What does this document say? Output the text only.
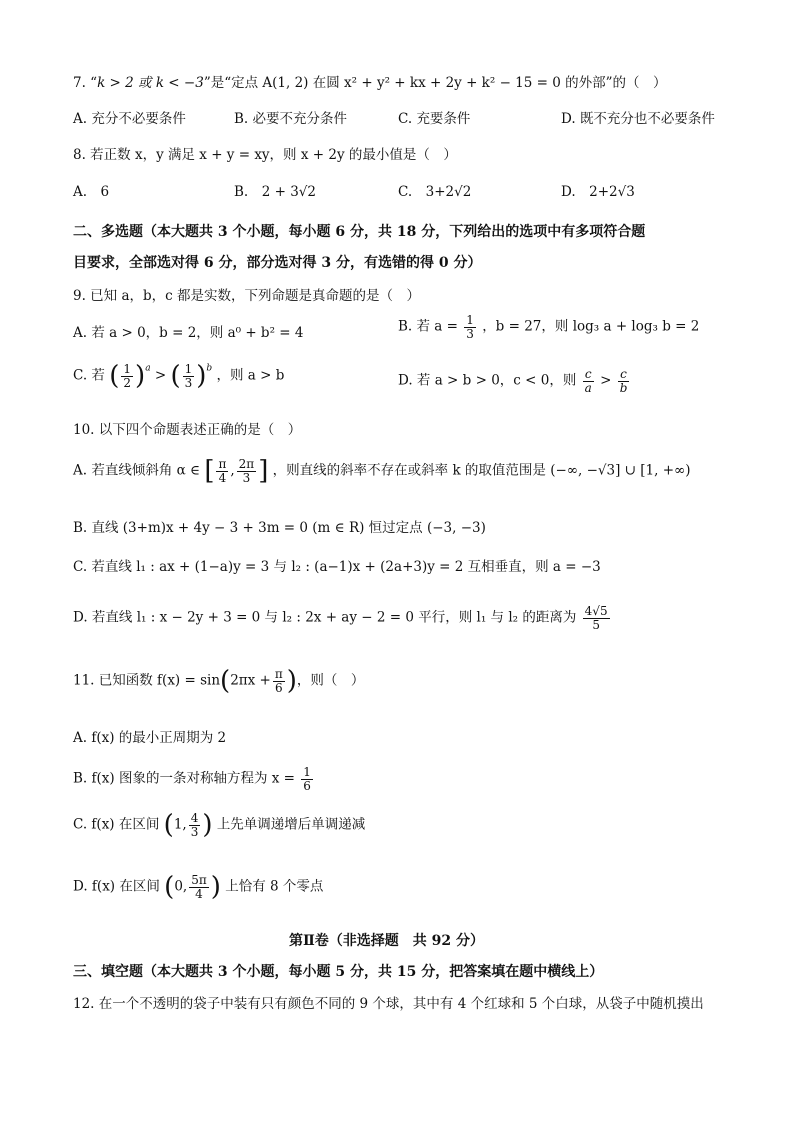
7. “k > 2 或 k < −3”是“定点 A(1, 2) 在圆 x² + y² + kx + 2y + k² − 15 = 0 的外部”的（　）
A. 充分不必要条件	B. 必要不充分条件	C. 充要条件	D. 既不充分也不必要条件
8. 若正数 x，y 满足 x + y = xy，则 x + 2y 的最小值是（　）
A.　 6	B.　 2 + 3√2	C.　 3+2√2	D.　 2+2√3
二、多选题（本大题共 3 个小题，每小题 6 分，共 18 分，下列给出的选项中有多项符合题
目要求，全部选对得 6 分，部分选对得 3 分，有选错的得 0 分）
9. 已知 a，b，c 都是实数，下列命题是真命题的是（　）
A. 若 a > 0，b = 2，则 a⁰ + b² = 4	B. 若 $a = \frac{1}{3}$ ，b = 27，则 log₃ a + log₃ b = 2
C. 若 ( $\frac{1}{2} )^a$ > ( $\frac{1}{3} )^b$ ，则 a > b	D. 若 a > b > 0，c < 0，则 $\frac{c}{a} > \frac{c}{b}$
10. 以下四个命题表述正确的是（　）
A. 若直线倾斜角 α ∈ [ $\frac{\pi}{4}$ , $\frac{2\pi}{3}$ ] ，则直线的斜率不存在或斜率 k 的取值范围是 (−∞, −√3] ∪ [1, +∞)
B. 直线 (3+m)x + 4y − 3 + 3m = 0 (m ∈ R) 恒过定点 (−3, −3)
C. 若直线 l₁ : ax + (1−a)y = 3 与 l₂ : (a−1)x + (2a+3)y = 2 互相垂直，则 a = −3
D. 若直线 l₁ : x − 2y + 3 = 0 与 l₂ : 2x + ay − 2 = 0 平行，则 l₁ 与 l₂ 的距离为 $\frac{4√5}{5}$
11. 已知函数 $f(x) = \sin(2\pi x + \frac{\pi}{6}$ )，则（　）
A. f(x) 的最小正周期为 2
B. f(x) 图象的一条对称轴方程为 $x = \frac{1}{6}$
C. f(x) 在区间 (1, $\frac{4}{3}$ ) 上先单调递增后单调递减
D. f(x) 在区间 (0, $\frac{5\pi}{4}$ ) 上恰有 8 个零点
第Ⅱ卷（非选择题　共 92 分）
三、填空题（本大题共 3 个小题，每小题 5 分，共 15 分，把答案填在题中横线上）
12. 在一个不透明的袋子中装有只有颜色不同的 9 个球，其中有 4 个红球和 5 个白球，从袋子中随机摸出
